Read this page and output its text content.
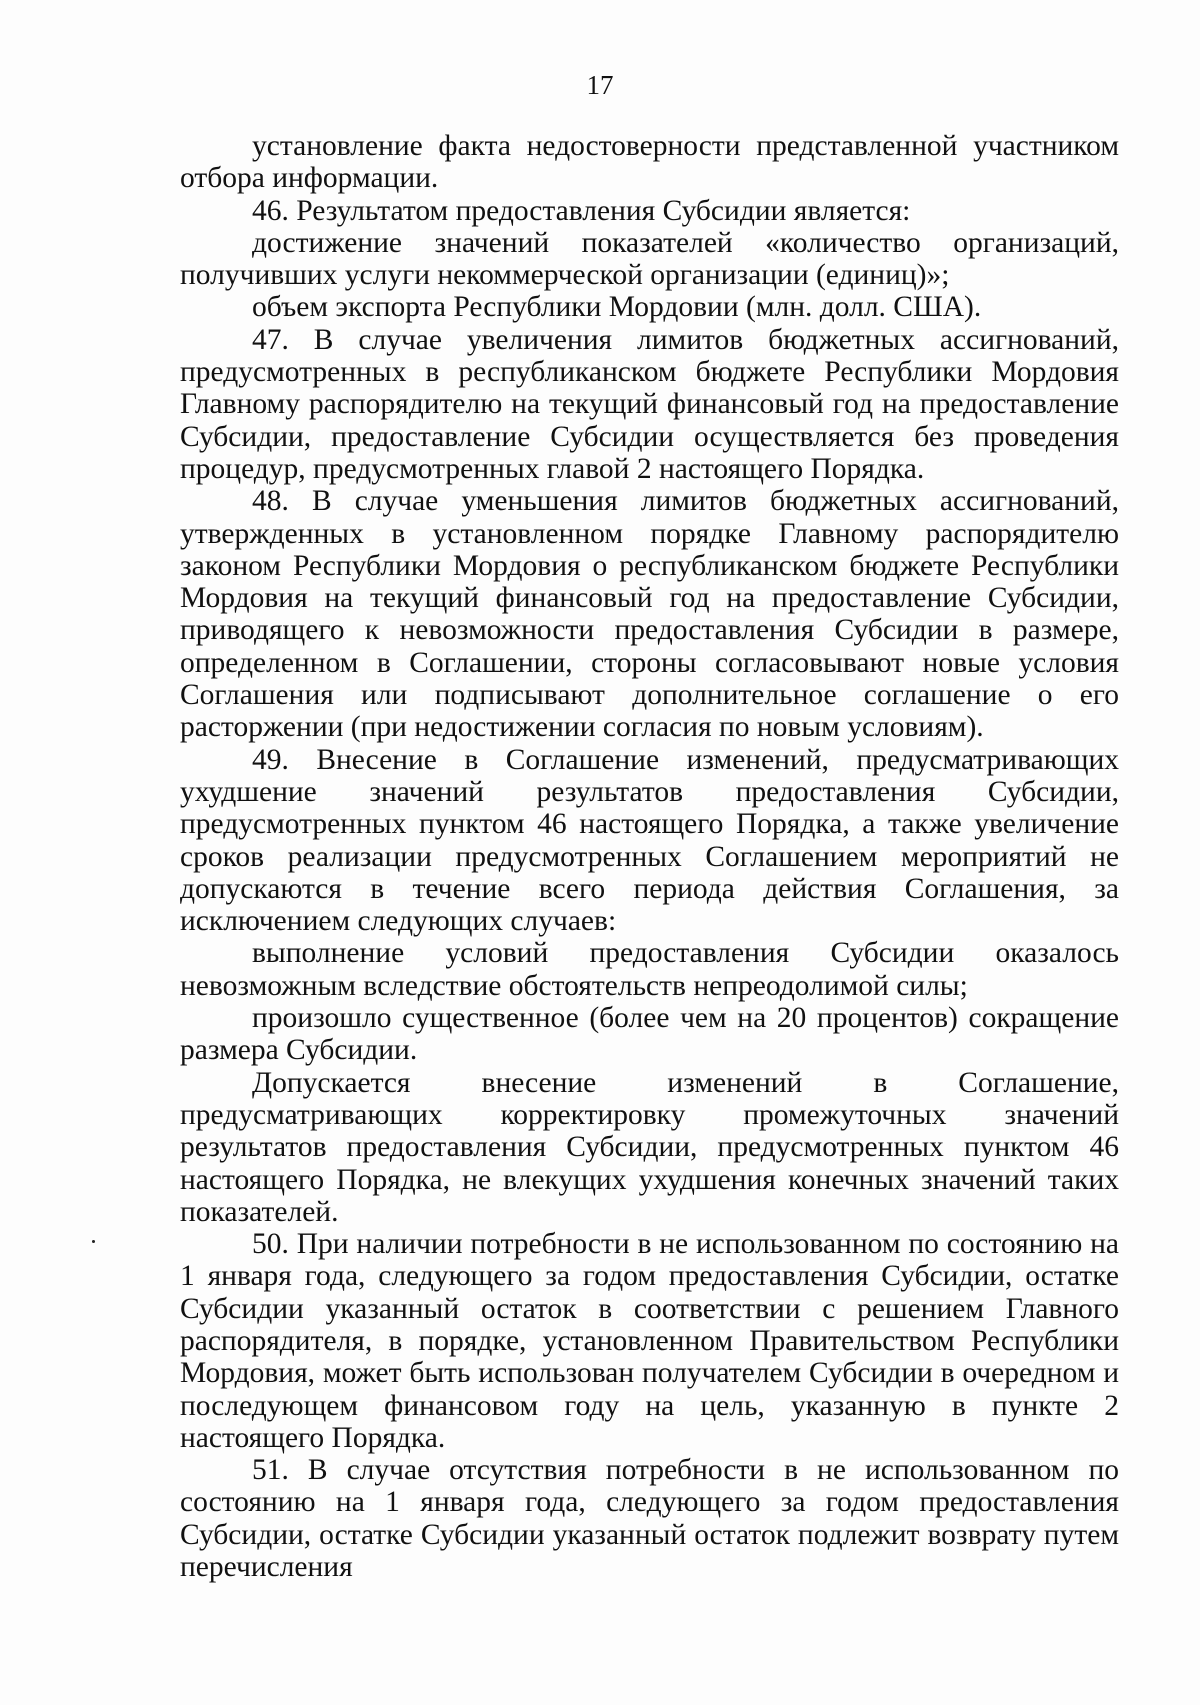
17

установление факта недостоверности представленной участником отбора информации.

46. Результатом предоставления Субсидии является:

достижение значений показателей «количество организаций, получивших услуги некоммерческой организации (единиц)»;

объем экспорта Республики Мордовии (млн. долл. США).

47. В случае увеличения лимитов бюджетных ассигнований, предусмотренных в республиканском бюджете Республики Мордовия Главному распорядителю на текущий финансовый год на предоставление Субсидии, предоставление Субсидии осуществляется без проведения процедур, предусмотренных главой 2 настоящего Порядка.

48. В случае уменьшения лимитов бюджетных ассигнований, утвержденных в установленном порядке Главному распорядителю законом Республики Мордовия о республиканском бюджете Республики Мордовия на текущий финансовый год на предоставление Субсидии, приводящего к невозможности предоставления Субсидии в размере, определенном в Соглашении, стороны согласовывают новые условия Соглашения или подписывают дополнительное соглашение о его расторжении (при недостижении согласия по новым условиям).

49. Внесение в Соглашение изменений, предусматривающих ухудшение значений результатов предоставления Субсидии, предусмотренных пунктом 46 настоящего Порядка, а также увеличение сроков реализации предусмотренных Соглашением мероприятий не допускаются в течение всего периода действия Соглашения, за исключением следующих случаев:

выполнение условий предоставления Субсидии оказалось невозможным вследствие обстоятельств непреодолимой силы;

произошло существенное (более чем на 20 процентов) сокращение размера Субсидии.

Допускается внесение изменений в Соглашение, предусматривающих корректировку промежуточных значений результатов предоставления Субсидии, предусмотренных пунктом 46 настоящего Порядка, не влекущих ухудшения конечных значений таких показателей.

50. При наличии потребности в не использованном по состоянию на 1 января года, следующего за годом предоставления Субсидии, остатке Субсидии указанный остаток в соответствии с решением Главного распорядителя, в порядке, установленном Правительством Республики Мордовия, может быть использован получателем Субсидии в очередном и последующем финансовом году на цель, указанную в пункте 2 настоящего Порядка.

51. В случае отсутствия потребности в не использованном по состоянию на 1 января года, следующего за годом предоставления Субсидии, остатке Субсидии указанный остаток подлежит возврату путем перечисления
